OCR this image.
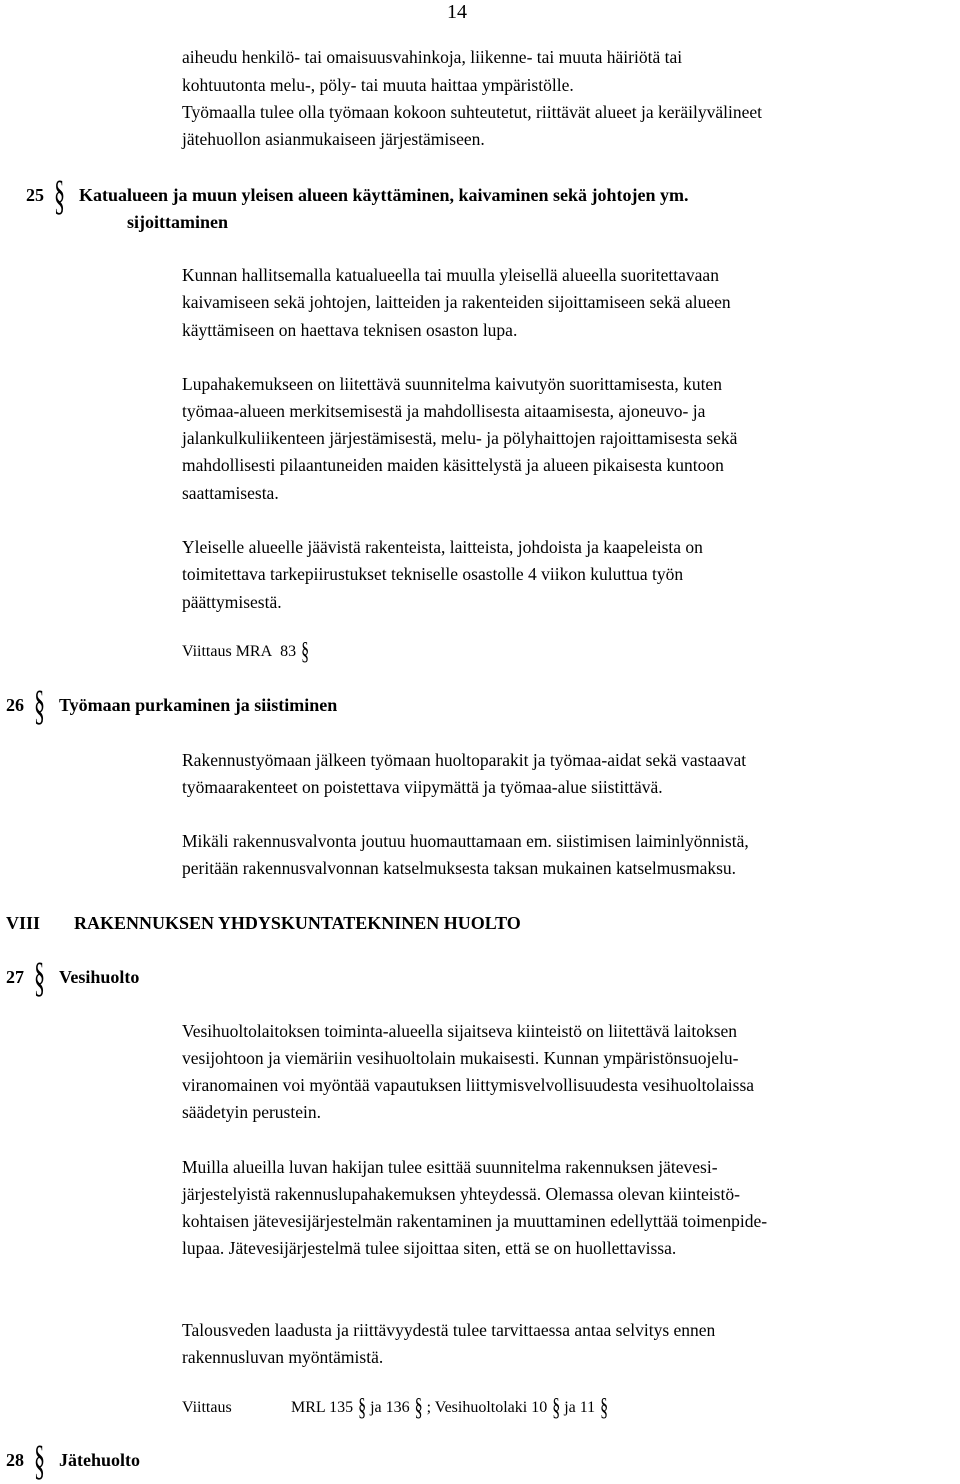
14
aiheudu henkilö- tai omaisuusvahinkoja, liikenne- tai muuta häiriötä tai
kohtuutonta melu-, pöly- tai muuta haittaa ympäristölle.
Työmaalla tulee olla työmaan kokoon suhteutetut, riittävät alueet ja keräilyvälineet
jätehuollon asianmukaiseen järjestämiseen.
25 § Katualueen ja muun yleisen alueen käyttäminen, kaivaminen sekä johtojen ym.
sijoittaminen
Kunnan hallitsemalla katualueella tai muulla yleisellä alueella suoritettavaan
kaivamiseen sekä johtojen, laitteiden ja rakenteiden sijoittamiseen sekä alueen
käyttämiseen on haettava teknisen osaston lupa.
Lupahakemukseen on liitettävä suunnitelma kaivutyön suorittamisesta, kuten
työmaa-alueen merkitsemisestä ja mahdollisesta aitaamisesta, ajoneuvo- ja
jalankulkuliikenteen järjestämisestä, melu- ja pölyhaittojen rajoittamisesta sekä
mahdollisesti pilaantuneiden maiden käsittelystä ja alueen pikaisesta kuntoon
saattamisesta.
Yleiselle alueelle jäävistä rakenteista, laitteista, johdoista ja kaapeleista on
toimitettava tarkepiirustukset tekniselle osastolle 4 viikon kuluttua työn
päättymisestä.
Viittaus MRA 83 §
26 § Työmaan purkaminen ja siistiminen
Rakennustyömaan jälkeen työmaan huoltoparakit ja työmaa-aidat sekä vastaavat
työmaarakenteet on poistettava viipymättä ja työmaa-alue siistittävä.
Mikäli rakennusvalvonta joutuu huomauttamaan em. siistimisen laiminlyönnistä,
peritään rakennusvalvonnan katselmuksesta taksan mukainen katselmusmaksu.
VIII RAKENNUKSEN YHDYSKUNTATEKNINEN HUOLTO
27 § Vesihuolto
Vesihuoltolaitoksen toiminta-alueella sijaitseva kiinteistö on liitettävä laitoksen
vesijohtoon ja viemäriin vesihuoltolain mukaisesti. Kunnan ympäristönsuojelu-
viranomainen voi myöntää vapautuksen liittymisvelvollisuudesta vesihuoltolaissa
säädetyin perustein.
Muilla alueilla luvan hakijan tulee esittää suunnitelma rakennuksen jätevesi-
järjestelyistä rakennuslupahakemuksen yhteydessä. Olemassa olevan kiinteistö-
kohtaisen jätevesijärjestelmän rakentaminen ja muuttaminen edellyttää toimenpide-
lupaa. Jätevesijärjestelmä tulee sijoittaa siten, että se on huollettavissa.
Talousveden laadusta ja riittävyydestä tulee tarvittaessa antaa selvitys ennen
rakennusluvan myöntämistä.
Viittaus	MRL 135 § ja 136 § ; Vesihuoltolaki 10 § ja 11 §
28 § Jätehuolto
